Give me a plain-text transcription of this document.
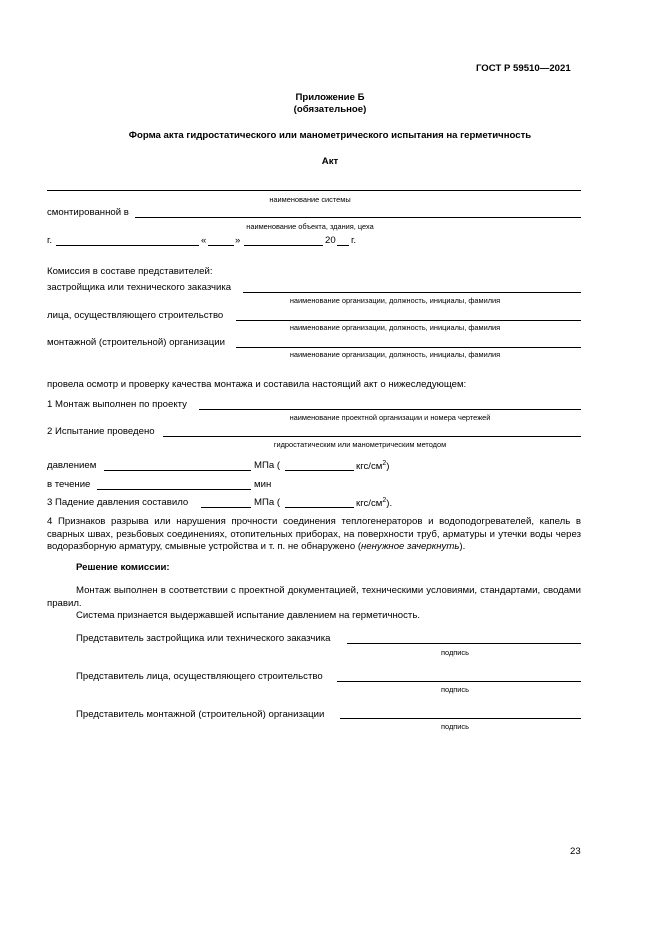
ГОСТ Р 59510—2021
Приложение Б
(обязательное)
Форма акта гидростатического или манометрического испытания на герметичность
Акт
наименование системы
смонтированной в
наименование объекта, здания, цеха
г.	«	»	20 г.
Комиссия в составе представителей:
застройщика или технического заказчика
наименование организации, должность, инициалы, фамилия
лица, осуществляющего строительство
наименование организации, должность, инициалы, фамилия
монтажной (строительной) организации
наименование организации, должность, инициалы, фамилия
провела осмотр и проверку качества монтажа и составила настоящий акт о нижеследующем:
1 Монтаж выполнен по проекту
наименование проектной организации и номера чертежей
2 Испытание проведено
гидростатическим или манометрическим методом
давлением	МПа (	кгс/$см^2$)
в течение	мин
3 Падение давления составило	МПа (	кгс/$см^2$).
4 Признаков разрыва или нарушения прочности соединения теплогенераторов и водоподогревателей, капель в сварных швах, резьбовых соединениях, отопительных приборах, на поверхности труб, арматуры и утечки воды через водоразборную арматуру, смывные устройства и т. п. не обнаружено (ненужное зачеркнуть).
Решение комиссии:
Монтаж выполнен в соответствии с проектной документацией, техническими условиями, стандартами, сводами правил.
Система признается выдержавшей испытание давлением на герметичность.
Представитель застройщика или технического заказчика
подпись
Представитель лица, осуществляющего строительство
подпись
Представитель монтажной (строительной) организации
подпись
23
